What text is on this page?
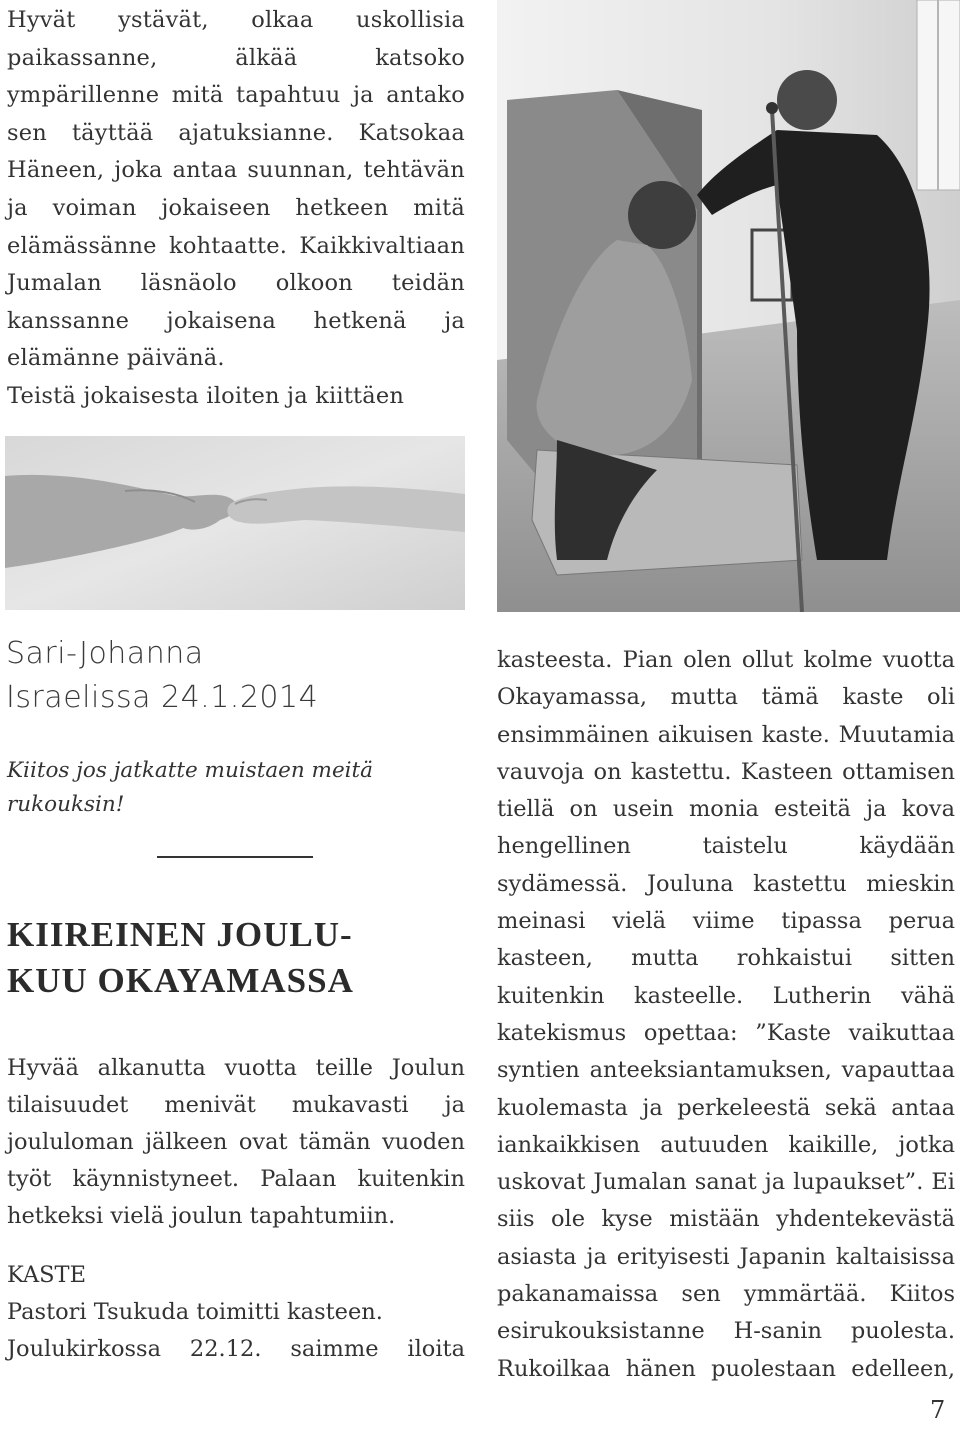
Hyvät ystävät, olkaa uskollisia paikassanne, älkää katsoko ympärillenne mitä tapahtuu ja antako sen täyttää ajatuksianne. Katsokaa Häneen, joka antaa suunnan, tehtävän ja voiman jokaiseen hetkeen mitä elämässänne kohtaatte. Kaikkivaltiaan Jumalan läsnäolo olkoon teidän kanssanne jokaisena hetkenä ja elämänne päivänä.

Teistä jokaisesta iloiten ja kiittäen

Sari-Johanna
Israelissa 24.1.2014
Kiitos jos jatkatte muistaen meitä rukouksin!
KIIREINEN JOULU-
KUU OKAYAMASSA

Hyvää alkanutta vuotta teille Joulun tilaisuudet menivät mukavasti ja joululoman jälkeen ovat tämän vuoden työt käynnistyneet. Palaan kuitenkin hetkeksi vielä joulun tapahtumiin.

KASTE

Pastori Tsukuda toimitti kasteen.

Joulukirkossa 22.12. saimme iloita

kasteesta. Pian olen ollut kolme vuotta Okayamassa, mutta tämä kaste oli ensimmäinen aikuisen kaste. Muutamia vauvoja on kastettu. Kasteen ottamisen tiellä on usein monia esteitä ja kova hengellinen taistelu käydään sydämessä. Jouluna kastettu mieskin meinasi vielä viime tipassa perua kasteen, mutta rohkaistui sitten kuitenkin kasteelle. Lutherin vähä katekismus opettaa: ”Kaste vaikuttaa syntien anteeksiantamuksen, vapauttaa kuolemasta ja perkeleestä sekä antaa iankaikkisen autuuden kaikille, jotka uskovat Jumalan sanat ja lupaukset”. Ei siis ole kyse mistään yhdentekevästä asiasta ja erityisesti Japanin kaltaisissa pakanamaissa sen ymmärtää. Kiitos esirukouksistanne H-sanin puolesta. Rukoilkaa hänen puolestaan edelleen,
7
